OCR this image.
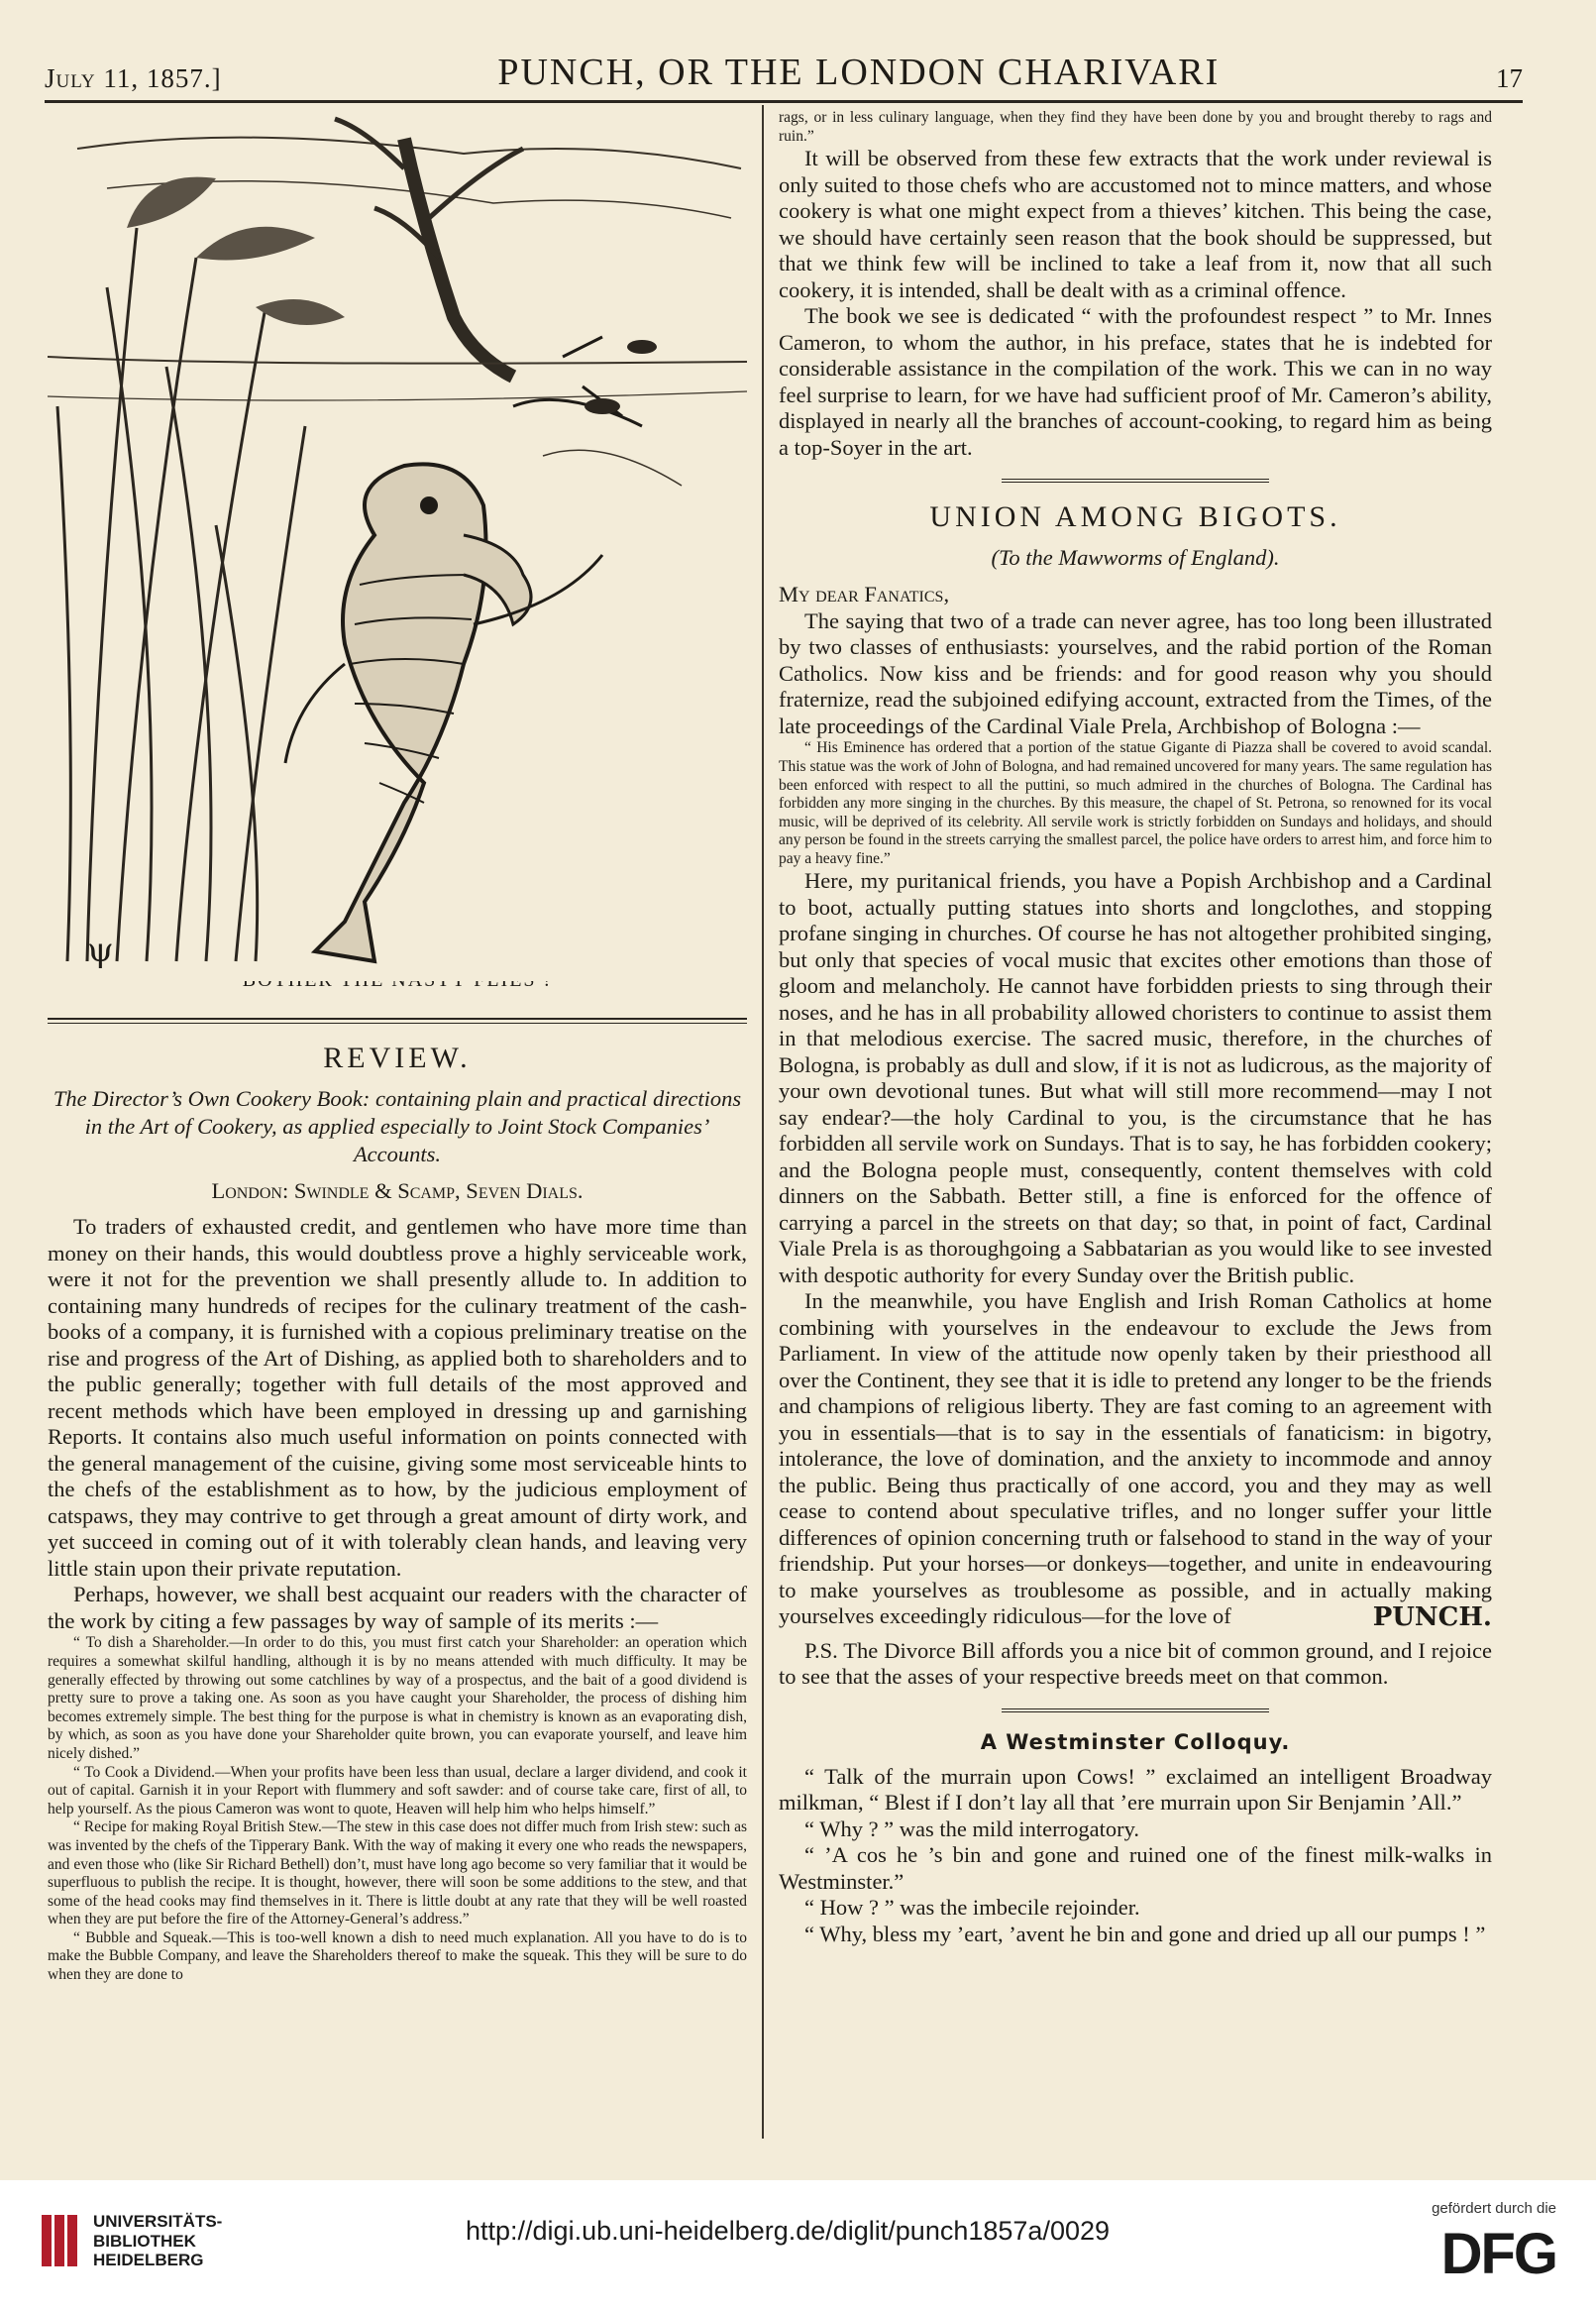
July 11, 1857.]	PUNCH, OR THE LONDON CHARIVARI	17
ψ
REVIEW.
The Director’s Own Cookery Book: containing plain and practical directions in the Art of Cookery, as applied especially to Joint Stock Companies’ Accounts.
London: Swindle & Scamp, Seven Dials.

To traders of exhausted credit, and gentlemen who have more time than money on their hands, this would doubtless prove a highly serviceable work, were it not for the prevention we shall presently allude to. In addition to containing many hundreds of recipes for the culinary treatment of the cash-books of a company, it is furnished with a copious preliminary treatise on the rise and progress of the Art of Dishing, as applied both to shareholders and to the public generally; together with full details of the most approved and recent methods which have been employed in dressing up and garnishing Reports. It contains also much useful information on points connected with the general management of the cuisine, giving some most serviceable hints to the chefs of the establishment as to how, by the judicious employment of catspaws, they may contrive to get through a great amount of dirty work, and yet succeed in coming out of it with tolerably clean hands, and leaving very little stain upon their private reputation.

Perhaps, however, we shall best acquaint our readers with the character of the work by citing a few passages by way of sample of its merits :—

“ To dish a Shareholder.—In order to do this, you must first catch your Shareholder: an operation which requires a somewhat skilful handling, although it is by no means attended with much difficulty. It may be generally effected by throwing out some catchlines by way of a prospectus, and the bait of a good dividend is pretty sure to prove a taking one. As soon as you have caught your Shareholder, the process of dishing him becomes extremely simple. The best thing for the purpose is what in chemistry is known as an evaporating dish, by which, as soon as you have done your Shareholder quite brown, you can evaporate yourself, and leave him nicely dished.”

“ To Cook a Dividend.—When your profits have been less than usual, declare a larger dividend, and cook it out of capital. Garnish it in your Report with flummery and soft sawder: and of course take care, first of all, to help yourself. As the pious Cameron was wont to quote, Heaven will help him who helps himself.”

“ Recipe for making Royal British Stew.—The stew in this case does not differ much from Irish stew: such as was invented by the chefs of the Tipperary Bank. With the way of making it every one who reads the newspapers, and even those who (like Sir Richard Bethell) don’t, must have long ago become so very familiar that it would be superfluous to publish the recipe. It is thought, however, there will soon be some additions to the stew, and that some of the head cooks may find themselves in it. There is little doubt at any rate that they will be well roasted when they are put before the fire of the Attorney-General’s address.”

“ Bubble and Squeak.—This is too-well known a dish to need much explanation. All you have to do is to make the Bubble Company, and leave the Shareholders thereof to make the squeak. This they will be sure to do when they are done to

rags, or in less culinary language, when they find they have been done by you and brought thereby to rags and ruin.”

It will be observed from these few extracts that the work under reviewal is only suited to those chefs who are accustomed not to mince matters, and whose cookery is what one might expect from a thieves’ kitchen. This being the case, we should have certainly seen reason that the book should be suppressed, but that we think few will be inclined to take a leaf from it, now that all such cookery, it is intended, shall be dealt with as a criminal offence.

The book we see is dedicated “ with the profoundest respect ” to Mr. Innes Cameron, to whom the author, in his preface, states that he is indebted for considerable assistance in the compilation of the work. This we can in no way feel surprise to learn, for we have had sufficient proof of Mr. Cameron’s ability, displayed in nearly all the branches of account-cooking, to regard him as being a top-Soyer in the art.

UNION AMONG BIGOTS.
(To the Mawworms of England).

My dear Fanatics,

The saying that two of a trade can never agree, has too long been illustrated by two classes of enthusiasts: yourselves, and the rabid portion of the Roman Catholics. Now kiss and be friends: and for good reason why you should fraternize, read the subjoined edifying account, extracted from the Times, of the late proceedings of the Cardinal Viale Prela, Archbishop of Bologna :—

“ His Eminence has ordered that a portion of the statue Gigante di Piazza shall be covered to avoid scandal. This statue was the work of John of Bologna, and had remained uncovered for many years. The same regulation has been enforced with respect to all the puttini, so much admired in the churches of Bologna. The Cardinal has forbidden any more singing in the churches. By this measure, the chapel of St. Petrona, so renowned for its vocal music, will be deprived of its celebrity. All servile work is strictly forbidden on Sundays and holidays, and should any person be found in the streets carrying the smallest parcel, the police have orders to arrest him, and force him to pay a heavy fine.”

Here, my puritanical friends, you have a Popish Archbishop and a Cardinal to boot, actually putting statues into shorts and longclothes, and stopping profane singing in churches. Of course he has not altogether prohibited singing, but only that species of vocal music that excites other emotions than those of gloom and melancholy. He cannot have forbidden priests to sing through their noses, and he has in all probability allowed choristers to continue to assist them in that melodious exercise. The sacred music, therefore, in the churches of Bologna, is probably as dull and slow, if it is not as ludicrous, as the majority of your own devotional tunes. But what will still more recommend—may I not say endear?—the holy Cardinal to you, is the circumstance that he has forbidden all servile work on Sundays. That is to say, he has forbidden cookery; and the Bologna people must, consequently, content themselves with cold dinners on the Sabbath. Better still, a fine is enforced for the offence of carrying a parcel in the streets on that day; so that, in point of fact, Cardinal Viale Prela is as thoroughgoing a Sabbatarian as you would like to see invested with despotic authority for every Sunday over the British public.

In the meanwhile, you have English and Irish Roman Catholics at home combining with yourselves in the endeavour to exclude the Jews from Parliament. In view of the attitude now openly taken by their priesthood all over the Continent, they see that it is idle to pretend any longer to be the friends and champions of religious liberty. They are fast coming to an agreement with you in essentials—that is to say in the essentials of fanaticism: in bigotry, intolerance, the love of domination, and the anxiety to incommode and annoy the public. Being thus practically of one accord, you and they may as well cease to contend about speculative trifles, and no longer suffer your little differences of opinion concerning truth or falsehood to stand in the way of your friendship. Put your horses—or donkeys—together, and unite in endeavouring to make yourselves as troublesome as possible, and in actually making yourselves exceedingly ridiculous—for the love of	PUNCH.

P.S. The Divorce Bill affords you a nice bit of common ground, and I rejoice to see that the asses of your respective breeds meet on that common.

A Westminster Colloquy.

“ Talk of the murrain upon Cows! ” exclaimed an intelligent Broadway milkman, “ Blest if I don’t lay all that ’ere murrain upon Sir Benjamin ’All.”

“ Why ? ” was the mild interrogatory.

“ ’A cos he ’s bin and gone and ruined one of the finest milk-walks in Westminster.”

“ How ? ” was the imbecile rejoinder.

“ Why, bless my ’eart, ’avent he bin and gone and dried up all our pumps ! ”

UNIVERSITÄTS-
BIBLIOTHEK
HEIDELBERG
http://digi.ub.uni-heidelberg.de/diglit/punch1857a/0029
gefördert durch die
DFG
